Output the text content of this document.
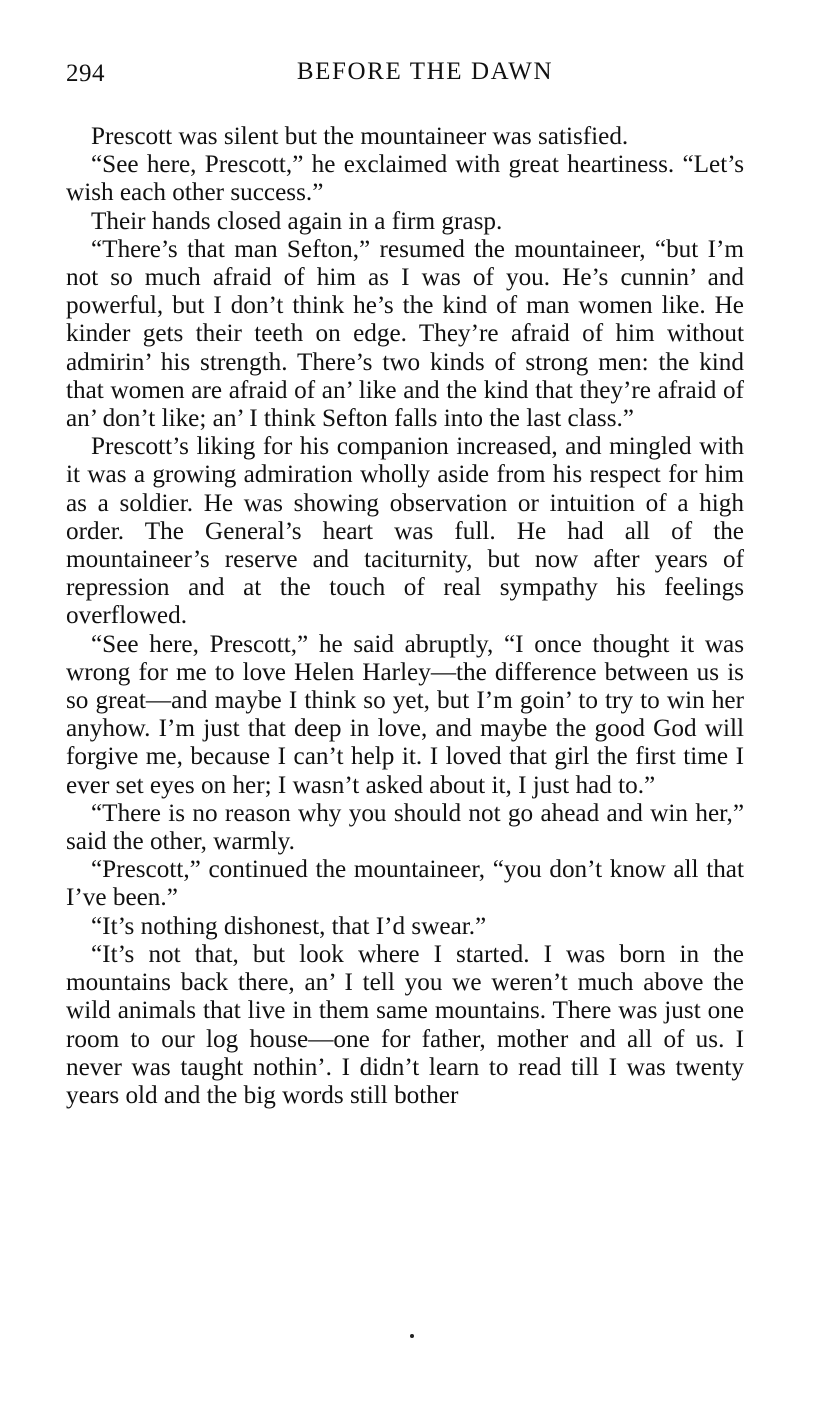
294	BEFORE THE DAWN

Prescott was silent but the mountaineer was satisfied.

“See here, Prescott,” he exclaimed with great heartiness. “Let’s wish each other success.”

Their hands closed again in a firm grasp.

“There’s that man Sefton,” resumed the mountaineer, “but I’m not so much afraid of him as I was of you. He’s cunnin’ and powerful, but I don’t think he’s the kind of man women like. He kinder gets their teeth on edge. They’re afraid of him without admirin’ his strength. There’s two kinds of strong men: the kind that women are afraid of an’ like and the kind that they’re afraid of an’ don’t like; an’ I think Sefton falls into the last class.”

Prescott’s liking for his companion increased, and mingled with it was a growing admiration wholly aside from his respect for him as a soldier. He was showing observation or intuition of a high order. The General’s heart was full. He had all of the mountaineer’s reserve and taciturnity, but now after years of repression and at the touch of real sympathy his feelings overflowed.

“See here, Prescott,” he said abruptly, “I once thought it was wrong for me to love Helen Harley—the difference between us is so great—and maybe I think so yet, but I’m goin’ to try to win her anyhow. I’m just that deep in love, and maybe the good God will forgive me, because I can’t help it. I loved that girl the first time I ever set eyes on her; I wasn’t asked about it, I just had to.”

“There is no reason why you should not go ahead and win her,” said the other, warmly.

“Prescott,” continued the mountaineer, “you don’t know all that I’ve been.”

“It’s nothing dishonest, that I’d swear.”

“It’s not that, but look where I started. I was born in the mountains back there, an’ I tell you we weren’t much above the wild animals that live in them same mountains. There was just one room to our log house—one for father, mother and all of us. I never was taught nothin’. I didn’t learn to read till I was twenty years old and the big words still bother
